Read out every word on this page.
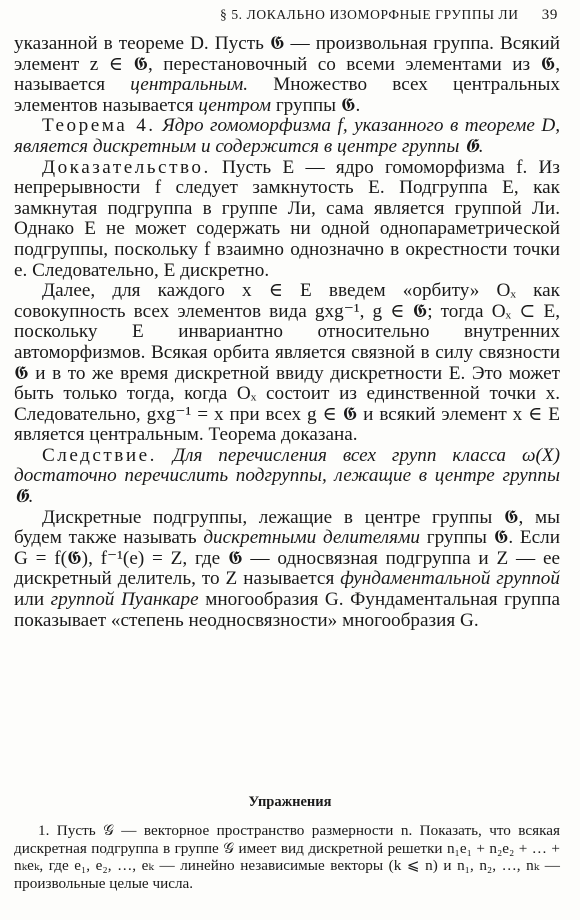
§ 5. ЛОКАЛЬНО ИЗОМОРФНЫЕ ГРУППЫ ЛИ 39

указанной в теореме D. Пусть 𝕲 — произвольная группа. Всякий элемент z ∈ 𝕲, перестановочный со всеми элементами из 𝕲, называется центральным. Множество всех центральных элементов называется центром группы 𝕲.

Теорема 4. Ядро гомоморфизма f, указанного в теореме D, является дискретным и содержится в центре группы 𝕲.

Доказательство. Пусть E — ядро гомоморфизма f. Из непрерывности f следует замкнутость E. Подгруппа E, как замкнутая подгруппа в группе Ли, сама является группой Ли. Однако E не может содержать ни одной однопараметрической подгруппы, поскольку f взаимно однозначно в окрестности точки e. Следовательно, E дискретно.

Далее, для каждого x ∈ E введем «орбиту» Oₓ как совокупность всех элементов вида gxg⁻¹, g ∈ 𝕲; тогда Oₓ ⊂ E, поскольку E инвариантно относительно внутренних автоморфизмов. Всякая орбита является связной в силу связности 𝕲 и в то же время дискретной ввиду дискретности E. Это может быть только тогда, когда Oₓ состоит из единственной точки x. Следовательно, gxg⁻¹ = x при всех g ∈ 𝕲 и всякий элемент x ∈ E является центральным. Теорема доказана.

Следствие. Для перечисления всех групп класса ω(X) достаточно перечислить подгруппы, лежащие в центре группы 𝕲.

Дискретные подгруппы, лежащие в центре группы 𝕲, мы будем также называть дискретными делителями группы 𝕲. Если G = f(𝕲), f⁻¹(e) = Z, где 𝕲 — односвязная подгруппа и Z — ее дискретный делитель, то Z называется фундаментальной группой или группой Пуанкаре многообразия G. Фундаментальная группа показывает «степень неодносвязности» многообразия G.

Упражнения

1. Пусть 𝒢 — векторное пространство размерности n. Показать, что всякая дискретная подгруппа в группе 𝒢 имеет вид дискретной решетки n₁e₁ + n₂e₂ + … + nₖeₖ, где e₁, e₂, …, eₖ — линейно независимые векторы (k ⩽ n) и n₁, n₂, …, nₖ — произвольные целые числа.
